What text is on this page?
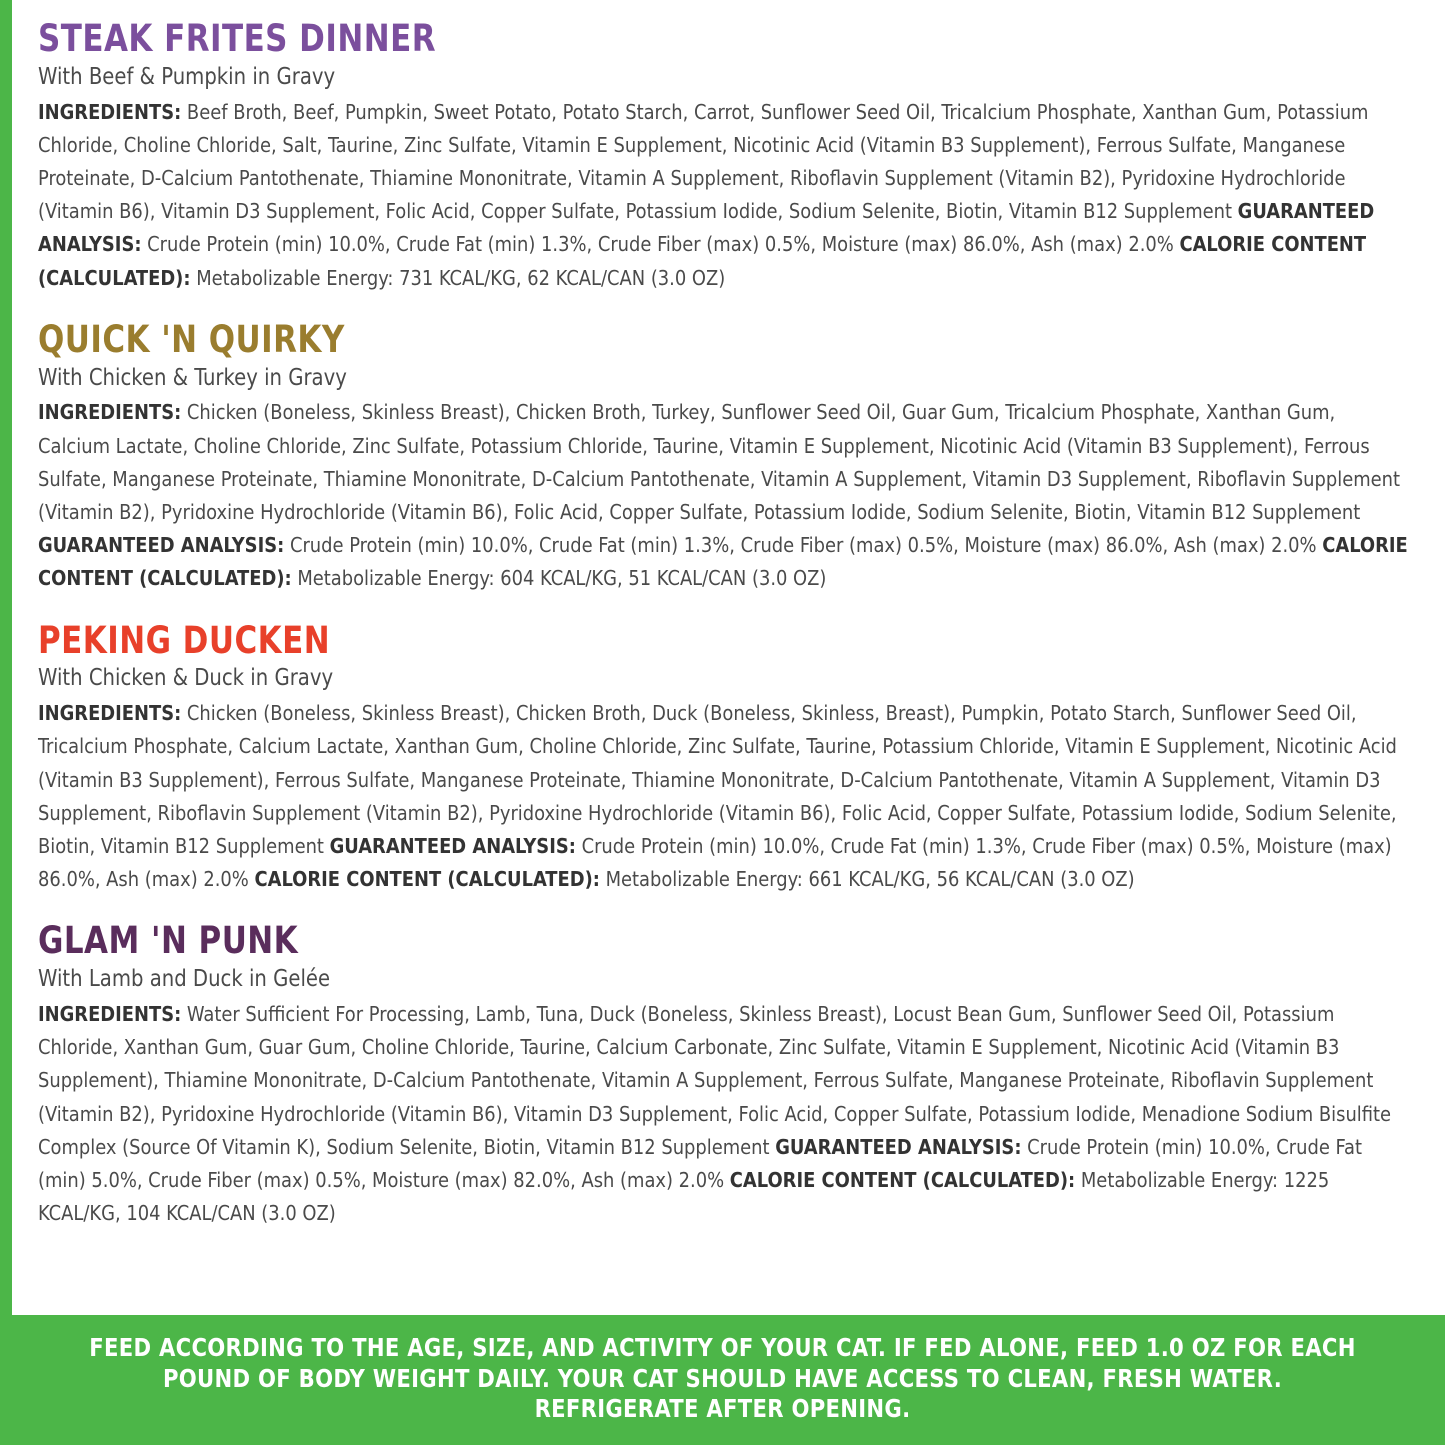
STEAK FRITES DINNER
With Beef & Pumpkin in Gravy
INGREDIENTS: Beef Broth, Beef, Pumpkin, Sweet Potato, Potato Starch, Carrot, Sunflower Seed Oil, Tricalcium Phosphate, Xanthan Gum, Potassium Chloride, Choline Chloride, Salt, Taurine, Zinc Sulfate, Vitamin E Supplement, Nicotinic Acid (Vitamin B3 Supplement), Ferrous Sulfate, Manganese Proteinate, D-Calcium Pantothenate, Thiamine Mononitrate, Vitamin A Supplement, Riboflavin Supplement (Vitamin B2), Pyridoxine Hydrochloride (Vitamin B6), Vitamin D3 Supplement, Folic Acid, Copper Sulfate, Potassium Iodide, Sodium Selenite, Biotin, Vitamin B12 Supplement GUARANTEED ANALYSIS: Crude Protein (min) 10.0%, Crude Fat (min) 1.3%, Crude Fiber (max) 0.5%, Moisture (max) 86.0%, Ash (max) 2.0% CALORIE CONTENT (CALCULATED): Metabolizable Energy: 731 KCAL/KG, 62 KCAL/CAN (3.0 OZ)
QUICK 'N QUIRKY
With Chicken & Turkey in Gravy
INGREDIENTS: Chicken (Boneless, Skinless Breast), Chicken Broth, Turkey, Sunflower Seed Oil, Guar Gum, Tricalcium Phosphate, Xanthan Gum, Calcium Lactate, Choline Chloride, Zinc Sulfate, Potassium Chloride, Taurine, Vitamin E Supplement, Nicotinic Acid (Vitamin B3 Supplement), Ferrous Sulfate, Manganese Proteinate, Thiamine Mononitrate, D-Calcium Pantothenate, Vitamin A Supplement, Vitamin D3 Supplement, Riboflavin Supplement (Vitamin B2), Pyridoxine Hydrochloride (Vitamin B6), Folic Acid, Copper Sulfate, Potassium Iodide, Sodium Selenite, Biotin, Vitamin B12 Supplement GUARANTEED ANALYSIS: Crude Protein (min) 10.0%, Crude Fat (min) 1.3%, Crude Fiber (max) 0.5%, Moisture (max) 86.0%, Ash (max) 2.0% CALORIE CONTENT (CALCULATED): Metabolizable Energy: 604 KCAL/KG, 51 KCAL/CAN (3.0 OZ)
PEKING DUCKEN
With Chicken & Duck in Gravy
INGREDIENTS: Chicken (Boneless, Skinless Breast), Chicken Broth, Duck (Boneless, Skinless, Breast), Pumpkin, Potato Starch, Sunflower Seed Oil, Tricalcium Phosphate, Calcium Lactate, Xanthan Gum, Choline Chloride, Zinc Sulfate, Taurine, Potassium Chloride, Vitamin E Supplement, Nicotinic Acid (Vitamin B3 Supplement), Ferrous Sulfate, Manganese Proteinate, Thiamine Mononitrate, D-Calcium Pantothenate, Vitamin A Supplement, Vitamin D3 Supplement, Riboflavin Supplement (Vitamin B2), Pyridoxine Hydrochloride (Vitamin B6), Folic Acid, Copper Sulfate, Potassium Iodide, Sodium Selenite, Biotin, Vitamin B12 Supplement GUARANTEED ANALYSIS: Crude Protein (min) 10.0%, Crude Fat (min) 1.3%, Crude Fiber (max) 0.5%, Moisture (max) 86.0%, Ash (max) 2.0% CALORIE CONTENT (CALCULATED): Metabolizable Energy: 661 KCAL/KG, 56 KCAL/CAN (3.0 OZ)
GLAM 'N PUNK
With Lamb and Duck in Gelée
INGREDIENTS: Water Sufficient For Processing, Lamb, Tuna, Duck (Boneless, Skinless Breast), Locust Bean Gum, Sunflower Seed Oil, Potassium Chloride, Xanthan Gum, Guar Gum, Choline Chloride, Taurine, Calcium Carbonate, Zinc Sulfate, Vitamin E Supplement, Nicotinic Acid (Vitamin B3 Supplement), Thiamine Mononitrate, D-Calcium Pantothenate, Vitamin A Supplement, Ferrous Sulfate, Manganese Proteinate, Riboflavin Supplement (Vitamin B2), Pyridoxine Hydrochloride (Vitamin B6), Vitamin D3 Supplement, Folic Acid, Copper Sulfate, Potassium Iodide, Menadione Sodium Bisulfite Complex (Source Of Vitamin K), Sodium Selenite, Biotin, Vitamin B12 Supplement GUARANTEED ANALYSIS: Crude Protein (min) 10.0%, Crude Fat (min) 5.0%, Crude Fiber (max) 0.5%, Moisture (max) 82.0%, Ash (max) 2.0% CALORIE CONTENT (CALCULATED): Metabolizable Energy: 1225 KCAL/KG, 104 KCAL/CAN (3.0 OZ)
FEED ACCORDING TO THE AGE, SIZE, AND ACTIVITY OF YOUR CAT. IF FED ALONE, FEED 1.0 OZ FOR EACH POUND OF BODY WEIGHT DAILY. YOUR CAT SHOULD HAVE ACCESS TO CLEAN, FRESH WATER. REFRIGERATE AFTER OPENING.
